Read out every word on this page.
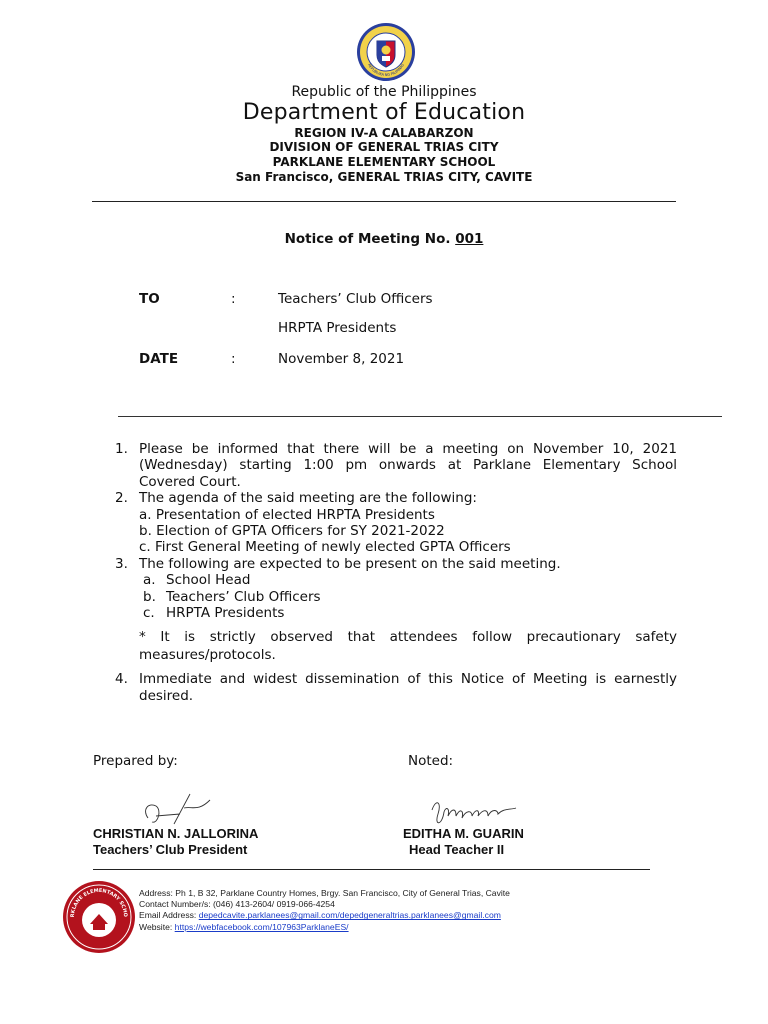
REPUBLIKA NG PILIPINAS
Republic of the Philippines
Department of Education
REGION IV-A CALABARZON
DIVISION OF GENERAL TRIAS CITY
PARKLANE ELEMENTARY SCHOOL
San Francisco, GENERAL TRIAS CITY, CAVITE
Notice of Meeting No. 001
TO	:	Teachers’ Club Officers
HRPTA Presidents
DATE	:	November 8, 2021
1. Please be informed that there will be a meeting on November 10, 2021 (Wednesday) starting 1:00 pm onwards at Parklane Elementary School Covered Court.
2. The agenda of the said meeting are the following:
a. Presentation of elected HRPTA Presidents
b. Election of GPTA Officers for SY 2021-2022
c. First General Meeting of newly elected GPTA Officers
3. The following are expected to be present on the said meeting.
a. School Head
b. Teachers’ Club Officers
c. HRPTA Presidents
* It is strictly observed that attendees follow precautionary safety measures/protocols.
4. Immediate and widest dissemination of this Notice of Meeting is earnestly desired.
Prepared by:	Noted:
CHRISTIAN N. JALLORINA
Teachers’ Club President
EDITHA M. GUARIN
Head Teacher II
RKLANE ELEMENTARY SCHO
Address: Ph 1, B 32, Parklane Country Homes, Brgy. San Francisco, City of General Trias, Cavite
Contact Number/s: (046) 413-2604/ 0919-066-4254
Email Address: depedcavite.parklanees@gmail.com/depedgeneraltrias.parklanees@gmail.com
Website: https://webfacebook.com/107963ParklaneES/
